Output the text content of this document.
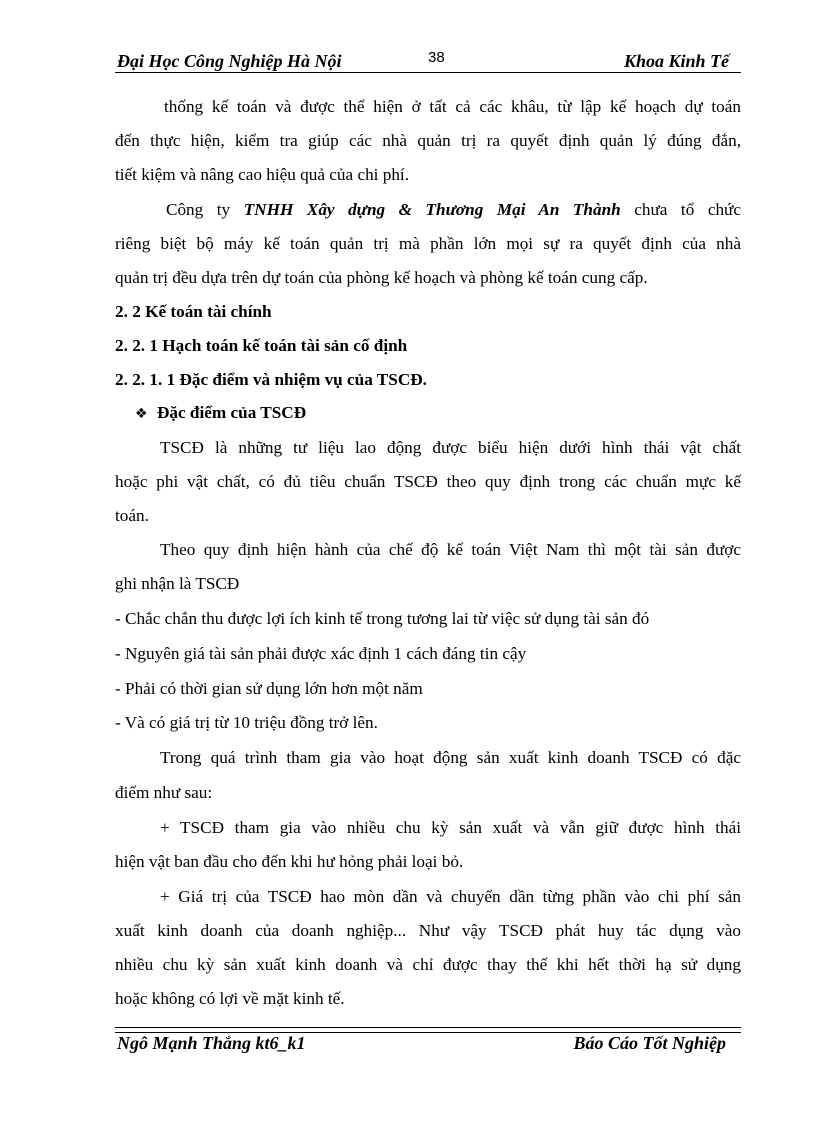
Đại Học Công Nghiệp Hà Nội	38	Khoa Kinh Tế
thống kế toán và được thể hiện ở tất cả các khâu, từ lập kế hoạch dự toán
đến thực hiện, kiểm tra giúp các nhà quản trị ra quyết định quản lý đúng đắn,
tiết kiệm và nâng cao hiệu quả của chi phí.
Công ty TNHH Xây dựng & Thương Mại An Thành chưa tổ chức
riêng biệt bộ máy kế toán quản trị mà phần lớn mọi sự ra quyết định của nhà
quản trị đều dựa trên dự toán của phòng kế hoạch và phòng kế toán cung cấp.
2. 2 Kế toán tài chính
2. 2. 1 Hạch toán kế toán tài sản cố định
2. 2. 1. 1 Đặc điểm và nhiệm vụ của TSCĐ.
❖ Đặc điểm của TSCĐ
TSCĐ là những tư liệu lao động được biểu hiện dưới hình thái vật chất
hoặc phi vật chất, có đủ tiêu chuẩn TSCĐ theo quy định trong các chuẩn mực kế
toán.
Theo quy định hiện hành của chế độ kế toán Việt Nam thì một tài sản được
ghi nhận là TSCĐ
- Chắc chắn thu được lợi ích kinh tế trong tương lai từ việc sử dụng tài sản đó
- Nguyên giá tài sản phải được xác định 1 cách đáng tin cậy
- Phải có thời gian sử dụng lớn hơn một năm
- Và có giá trị từ 10 triệu đồng trở lên.
Trong quá trình tham gia vào hoạt động sản xuất kinh doanh TSCĐ có đặc
điểm như sau:
+ TSCĐ tham gia vào nhiều chu kỳ sản xuất và vẫn giữ được hình thái
hiện vật ban đầu cho đến khi hư hỏng phải loại bỏ.
+ Giá trị của TSCĐ hao mòn dần và chuyển dần từng phần vào chi phí sản
xuất kinh doanh của doanh nghiệp... Như vậy TSCĐ phát huy tác dụng vào
nhiều chu kỳ sản xuất kinh doanh và chỉ được thay thế khi hết thời hạ sử dụng
hoặc không có lợi về mặt kinh tế.
Ngô Mạnh Thắng kt6_k1	Báo Cáo Tốt Nghiệp
